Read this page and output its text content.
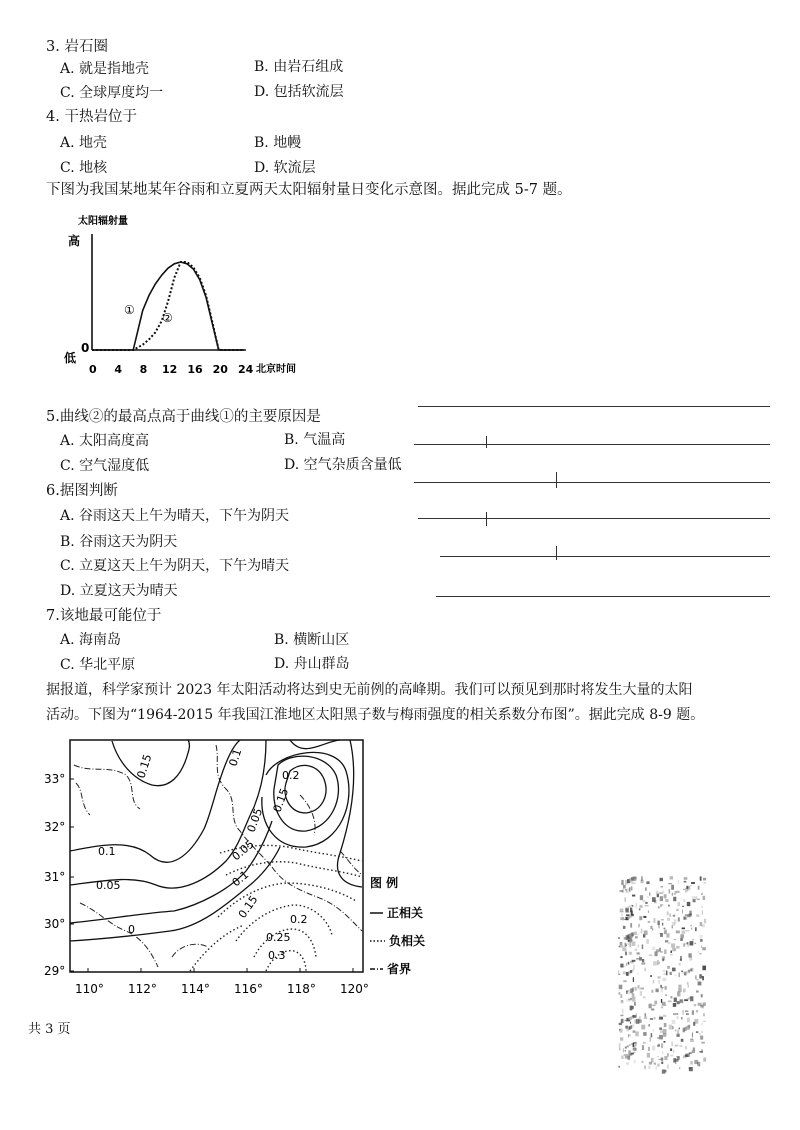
3. 岩石圈
A. 就是指地壳	B. 由岩石组成
C. 全球厚度均一	D. 包括软流层
4. 干热岩位于
A. 地壳	B. 地幔
C. 地核	D. 软流层
下图为我国某地某年谷雨和立夏两天太阳辐射量日变化示意图。据此完成 5-7 题。
太阳辐射量
高
低
0
0 4 8 12 16 20 24 北京时间
①
②
5.曲线②的最高点高于曲线①的主要原因是
A. 太阳高度高	B. 气温高
C. 空气湿度低	D. 空气杂质含量低
6.据图判断
A. 谷雨这天上午为晴天，下午为阴天
B. 谷雨这天为阴天
C. 立夏这天上午为阴天，下午为晴天
D. 立夏这天为晴天
7.该地最可能位于
A. 海南岛	B. 横断山区
C. 华北平原	D. 舟山群岛
据报道，科学家预计 2023 年太阳活动将达到史无前例的高峰期。我们可以预见到那时将发生大量的太阳
活动。下图为“1964-2015 年我国江淮地区太阳黑子数与梅雨强度的相关系数分布图”。据此完成 8-9 题。
33°
32°
31°
30°
29°
110° 112° 114° 116° 118° 120°
0.15	0.1
0.15
0.2
0.1
0.05
0
0.05
0.05
0.1
0.15	0.2
0.25
0.3
图 例
正相关
负相关
省界
共 3 页
